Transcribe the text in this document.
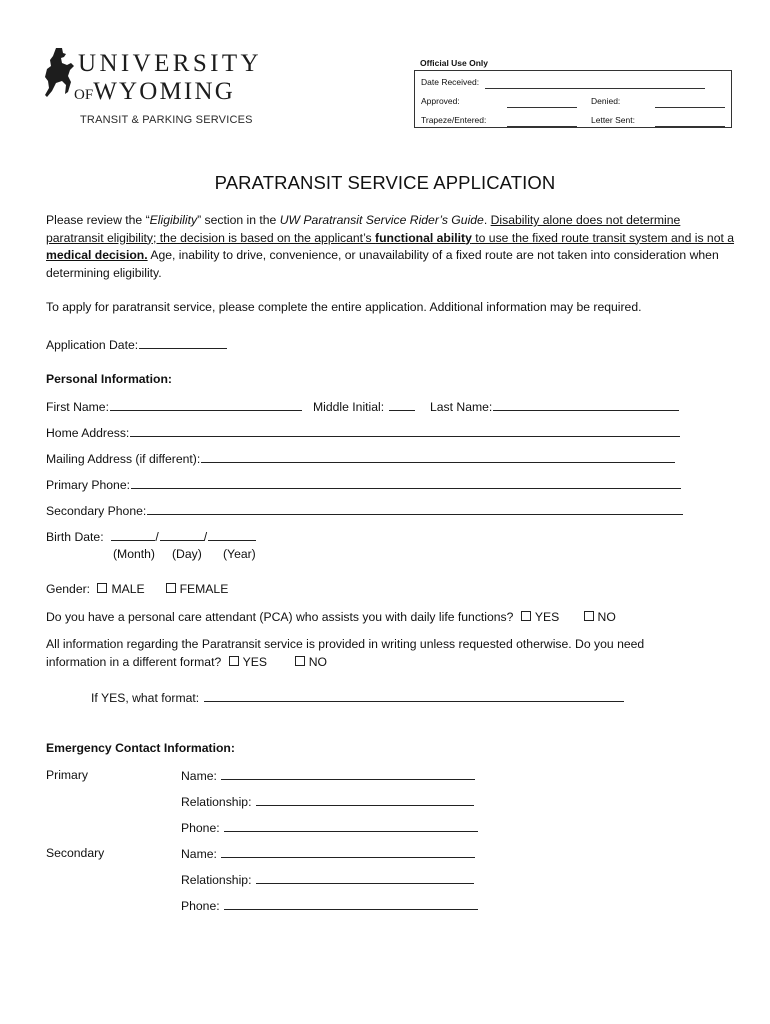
UNIVERSITY
OFWYOMING
TRANSIT & PARKING SERVICES
Official Use Only
Date Received:
Approved:	Denied:
Trapeze/Entered:	Letter Sent:
PARATRANSIT SERVICE APPLICATION
Please review the “Eligibility” section in the UW Paratransit Service Rider’s Guide. Disability alone does not determine paratransit eligibility; the decision is based on the applicant’s functional ability to use the fixed route transit system and is not a medical decision. Age, inability to drive, convenience, or unavailability of a fixed route are not taken into consideration when determining eligibility.
To apply for paratransit service, please complete the entire application. Additional information may be required.
Application Date:
Personal Information:
First Name:	Middle Initial:	Last Name:
Home Address:
Mailing Address (if different):
Primary Phone:
Secondary Phone:
Birth Date:	/	/
(Month) (Day) (Year)
Gender: MALE	FEMALE
Do you have a personal care attendant (PCA) who assists you with daily life functions? YES	NO
All information regarding the Paratransit service is provided in writing unless requested otherwise. Do you need
information in a different format? YES	NO
If YES, what format:
Emergency Contact Information:
Primary	Name:
Relationship:
Phone:
Secondary	Name:
Relationship:
Phone:
